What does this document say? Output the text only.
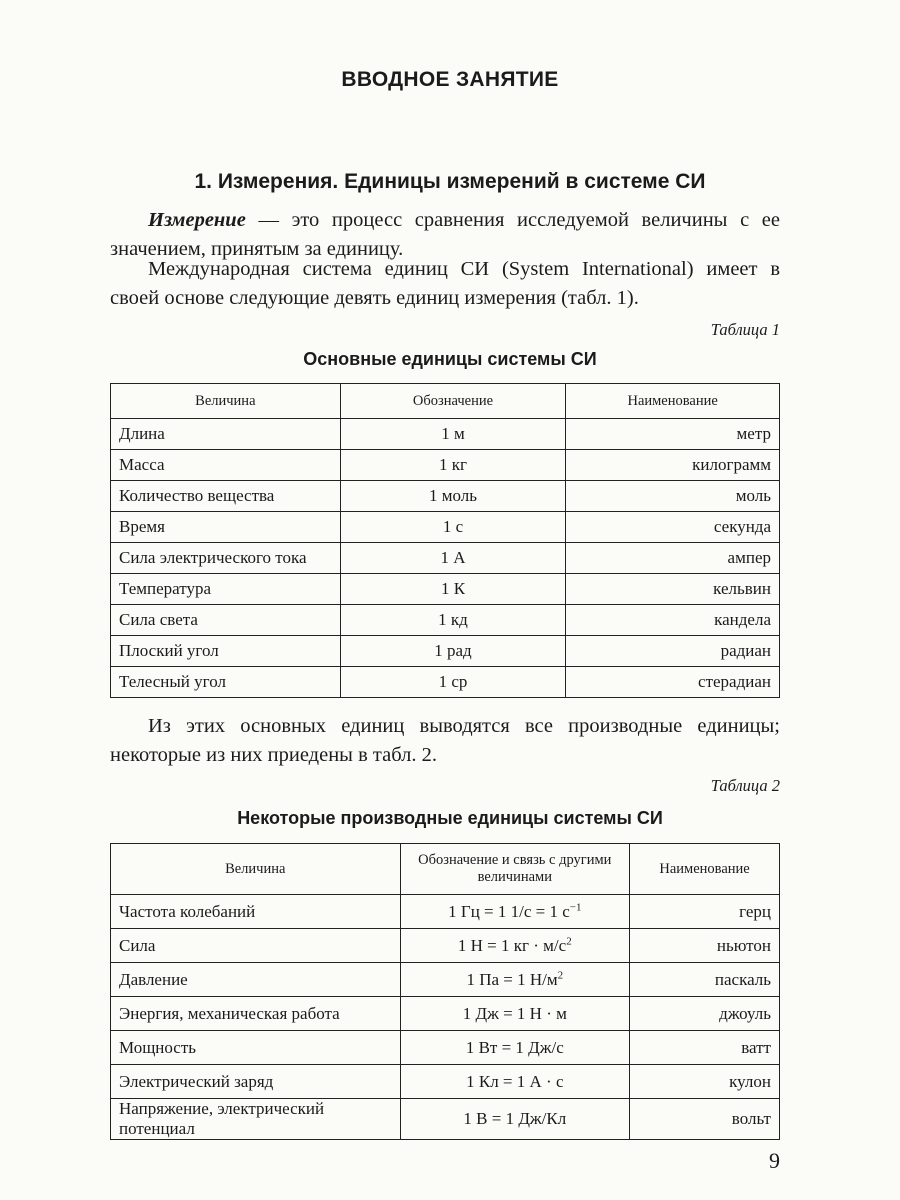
ВВОДНОЕ ЗАНЯТИЕ
1. Измерения. Единицы измерений в системе СИ
Измерение — это процесс сравнения исследуемой величины с ее значением, принятым за единицу.
Международная система единиц СИ (System International) имеет в своей основе следующие девять единиц измерения (табл. 1).
Таблица 1
Основные единицы системы СИ
Величина	Обозначение	Наименование
Длина	1 м	метр
Масса	1 кг	килограмм
Количество вещества	1 моль	моль
Время	1 с	секунда
Сила электрического тока	1 А	ампер
Температура	1 К	кельвин
Сила света	1 кд	кандела
Плоский угол	1 рад	радиан
Телесный угол	1 ср	стерадиан
Из этих основных единиц выводятся все производные единицы; некоторые из них приедены в табл. 2.
Таблица 2
Некоторые производные единицы системы СИ
Величина	Обозначение и связь с другими величинами	Наименование
Частота колебаний	1 Гц = 1 1/с = 1 $с^{-1}$	герц
Сила	1 Н = 1 кг · $м/с^2$	ньютон
Давление	1 Па = 1 $Н/м^2$	паскаль
Энергия, механическая работа	1 Дж = 1 Н · м	джоуль
Мощность	1 Вт = 1 Дж/с	ватт
Электрический заряд	1 Кл = 1 А · с	кулон
Напряжение, электрический потенциал	1 В = 1 Дж/Кл	вольт
9
